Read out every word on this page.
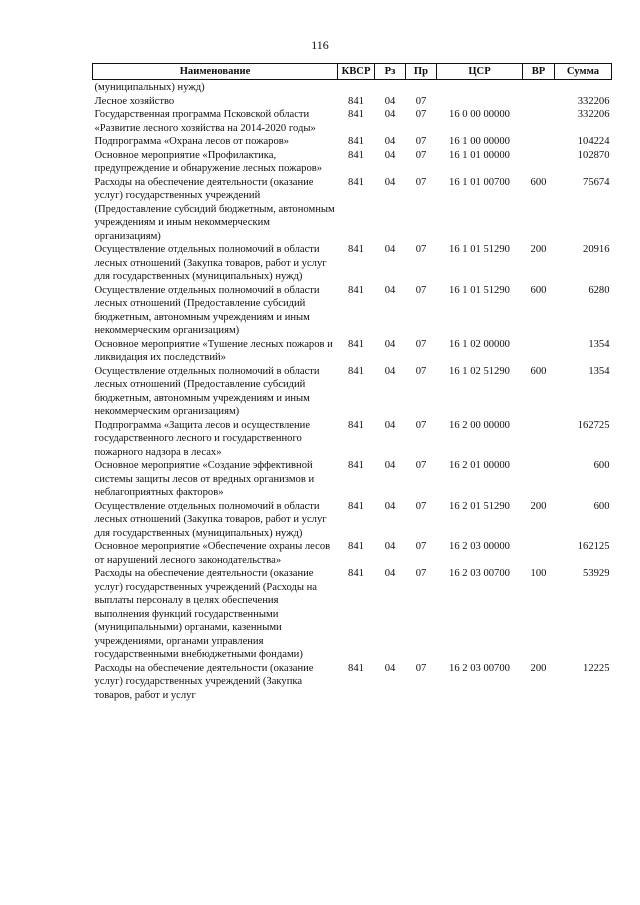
116
Наименование	КВСР	Рз	Пр	ЦСР	ВР	Сумма
(муниципальных) нужд)						
Лесное хозяйство	841	04	07			332206
Государственная программа Псковской области «Развитие лесного хозяйства на 2014-2020 годы»	841	04	07	16 0 00 00000		332206
Подпрограмма «Охрана лесов от пожаров»	841	04	07	16 1 00 00000		104224
Основное мероприятие «Профилактика, предупреждение и обнаружение лесных пожаров»	841	04	07	16 1 01 00000		102870
Расходы на обеспечение деятельности (оказание услуг) государственных учреждений (Предоставление субсидий бюджетным, автономным учреждениям и иным некоммерческим организациям)	841	04	07	16 1 01 00700	600	75674
Осуществление отдельных полномочий в области лесных отношений (Закупка товаров, работ и услуг для государственных (муниципальных) нужд)	841	04	07	16 1 01 51290	200	20916
Осуществление отдельных полномочий в области лесных отношений (Предоставление субсидий бюджетным, автономным учреждениям и иным некоммерческим организациям)	841	04	07	16 1 01 51290	600	6280
Основное мероприятие «Тушение лесных пожаров и ликвидация их последствий»	841	04	07	16 1 02 00000		1354
Осуществление отдельных полномочий в области лесных отношений (Предоставление субсидий бюджетным, автономным учреждениям и иным некоммерческим организациям)	841	04	07	16 1 02 51290	600	1354
Подпрограмма «Защита лесов и осуществление государственного лесного и государственного пожарного надзора в лесах»	841	04	07	16 2 00 00000		162725
Основное мероприятие «Создание эффективной системы защиты лесов от вредных организмов и неблагоприятных факторов»	841	04	07	16 2 01 00000		600
Осуществление отдельных полномочий в области лесных отношений (Закупка товаров, работ и услуг для государственных (муниципальных) нужд)	841	04	07	16 2 01 51290	200	600
Основное мероприятие «Обеспечение охраны лесов от нарушений лесного законодательства»	841	04	07	16 2 03 00000		162125
Расходы на обеспечение деятельности (оказание услуг) государственных учреждений (Расходы на выплаты персоналу в целях обеспечения выполнения функций государственными (муниципальными) органами, казенными учреждениями, органами управления государственными внебюджетными фондами)	841	04	07	16 2 03 00700	100	53929
Расходы на обеспечение деятельности (оказание услуг) государственных учреждений (Закупка товаров, работ и услуг	841	04	07	16 2 03 00700	200	12225
